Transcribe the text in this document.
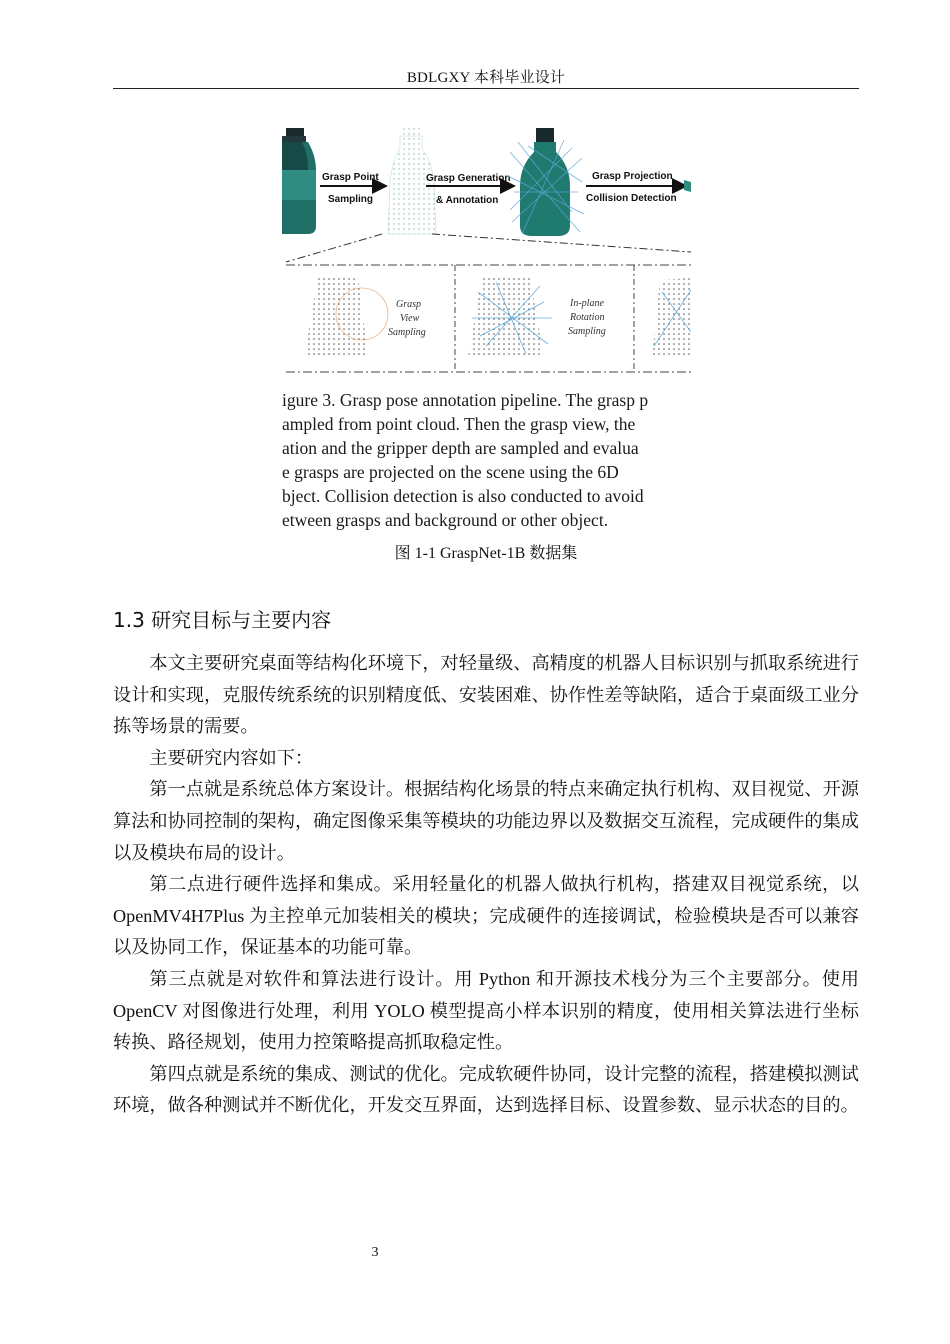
BDLGXY 本科毕业设计
Grasp Point
Sampling
Grasp Generation
& Annotation
Grasp Projection
Collision Detection
Grasp
View
Sampling
In-plane
Rotation
Sampling
igure 3. Grasp pose annotation pipeline. The grasp p
ampled from point cloud. Then the grasp view, the
ation and the gripper depth are sampled and evalua
e grasps are projected on the scene using the 6D
bject. Collision detection is also conducted to avoid
etween grasps and background or other object.
图 1-1 GraspNet-1B 数据集
1.3 研究目标与主要内容

本文主要研究桌面等结构化环境下，对轻量级、高精度的机器人目标识别与抓取系统进行设计和实现，克服传统系统的识别精度低、安装困难、协作性差等缺陷，适合于桌面级工业分拣等场景的需要。

主要研究内容如下：

第一点就是系统总体方案设计。根据结构化场景的特点来确定执行机构、双目视觉、开源算法和协同控制的架构，确定图像采集等模块的功能边界以及数据交互流程，完成硬件的集成以及模块布局的设计。

第二点进行硬件选择和集成。采用轻量化的机器人做执行机构，搭建双目视觉系统，以 OpenMV4H7Plus 为主控单元加装相关的模块；完成硬件的连接调试，检验模块是否可以兼容以及协同工作，保证基本的功能可靠。

第三点就是对软件和算法进行设计。用 Python 和开源技术栈分为三个主要部分。使用 OpenCV 对图像进行处理，利用 YOLO 模型提高小样本识别的精度，使用相关算法进行坐标转换、路径规划，使用力控策略提高抓取稳定性。

第四点就是系统的集成、测试的优化。完成软硬件协同，设计完整的流程，搭建模拟测试环境，做各种测试并不断优化，开发交互界面，达到选择目标、设置参数、显示状态的目的。

3
